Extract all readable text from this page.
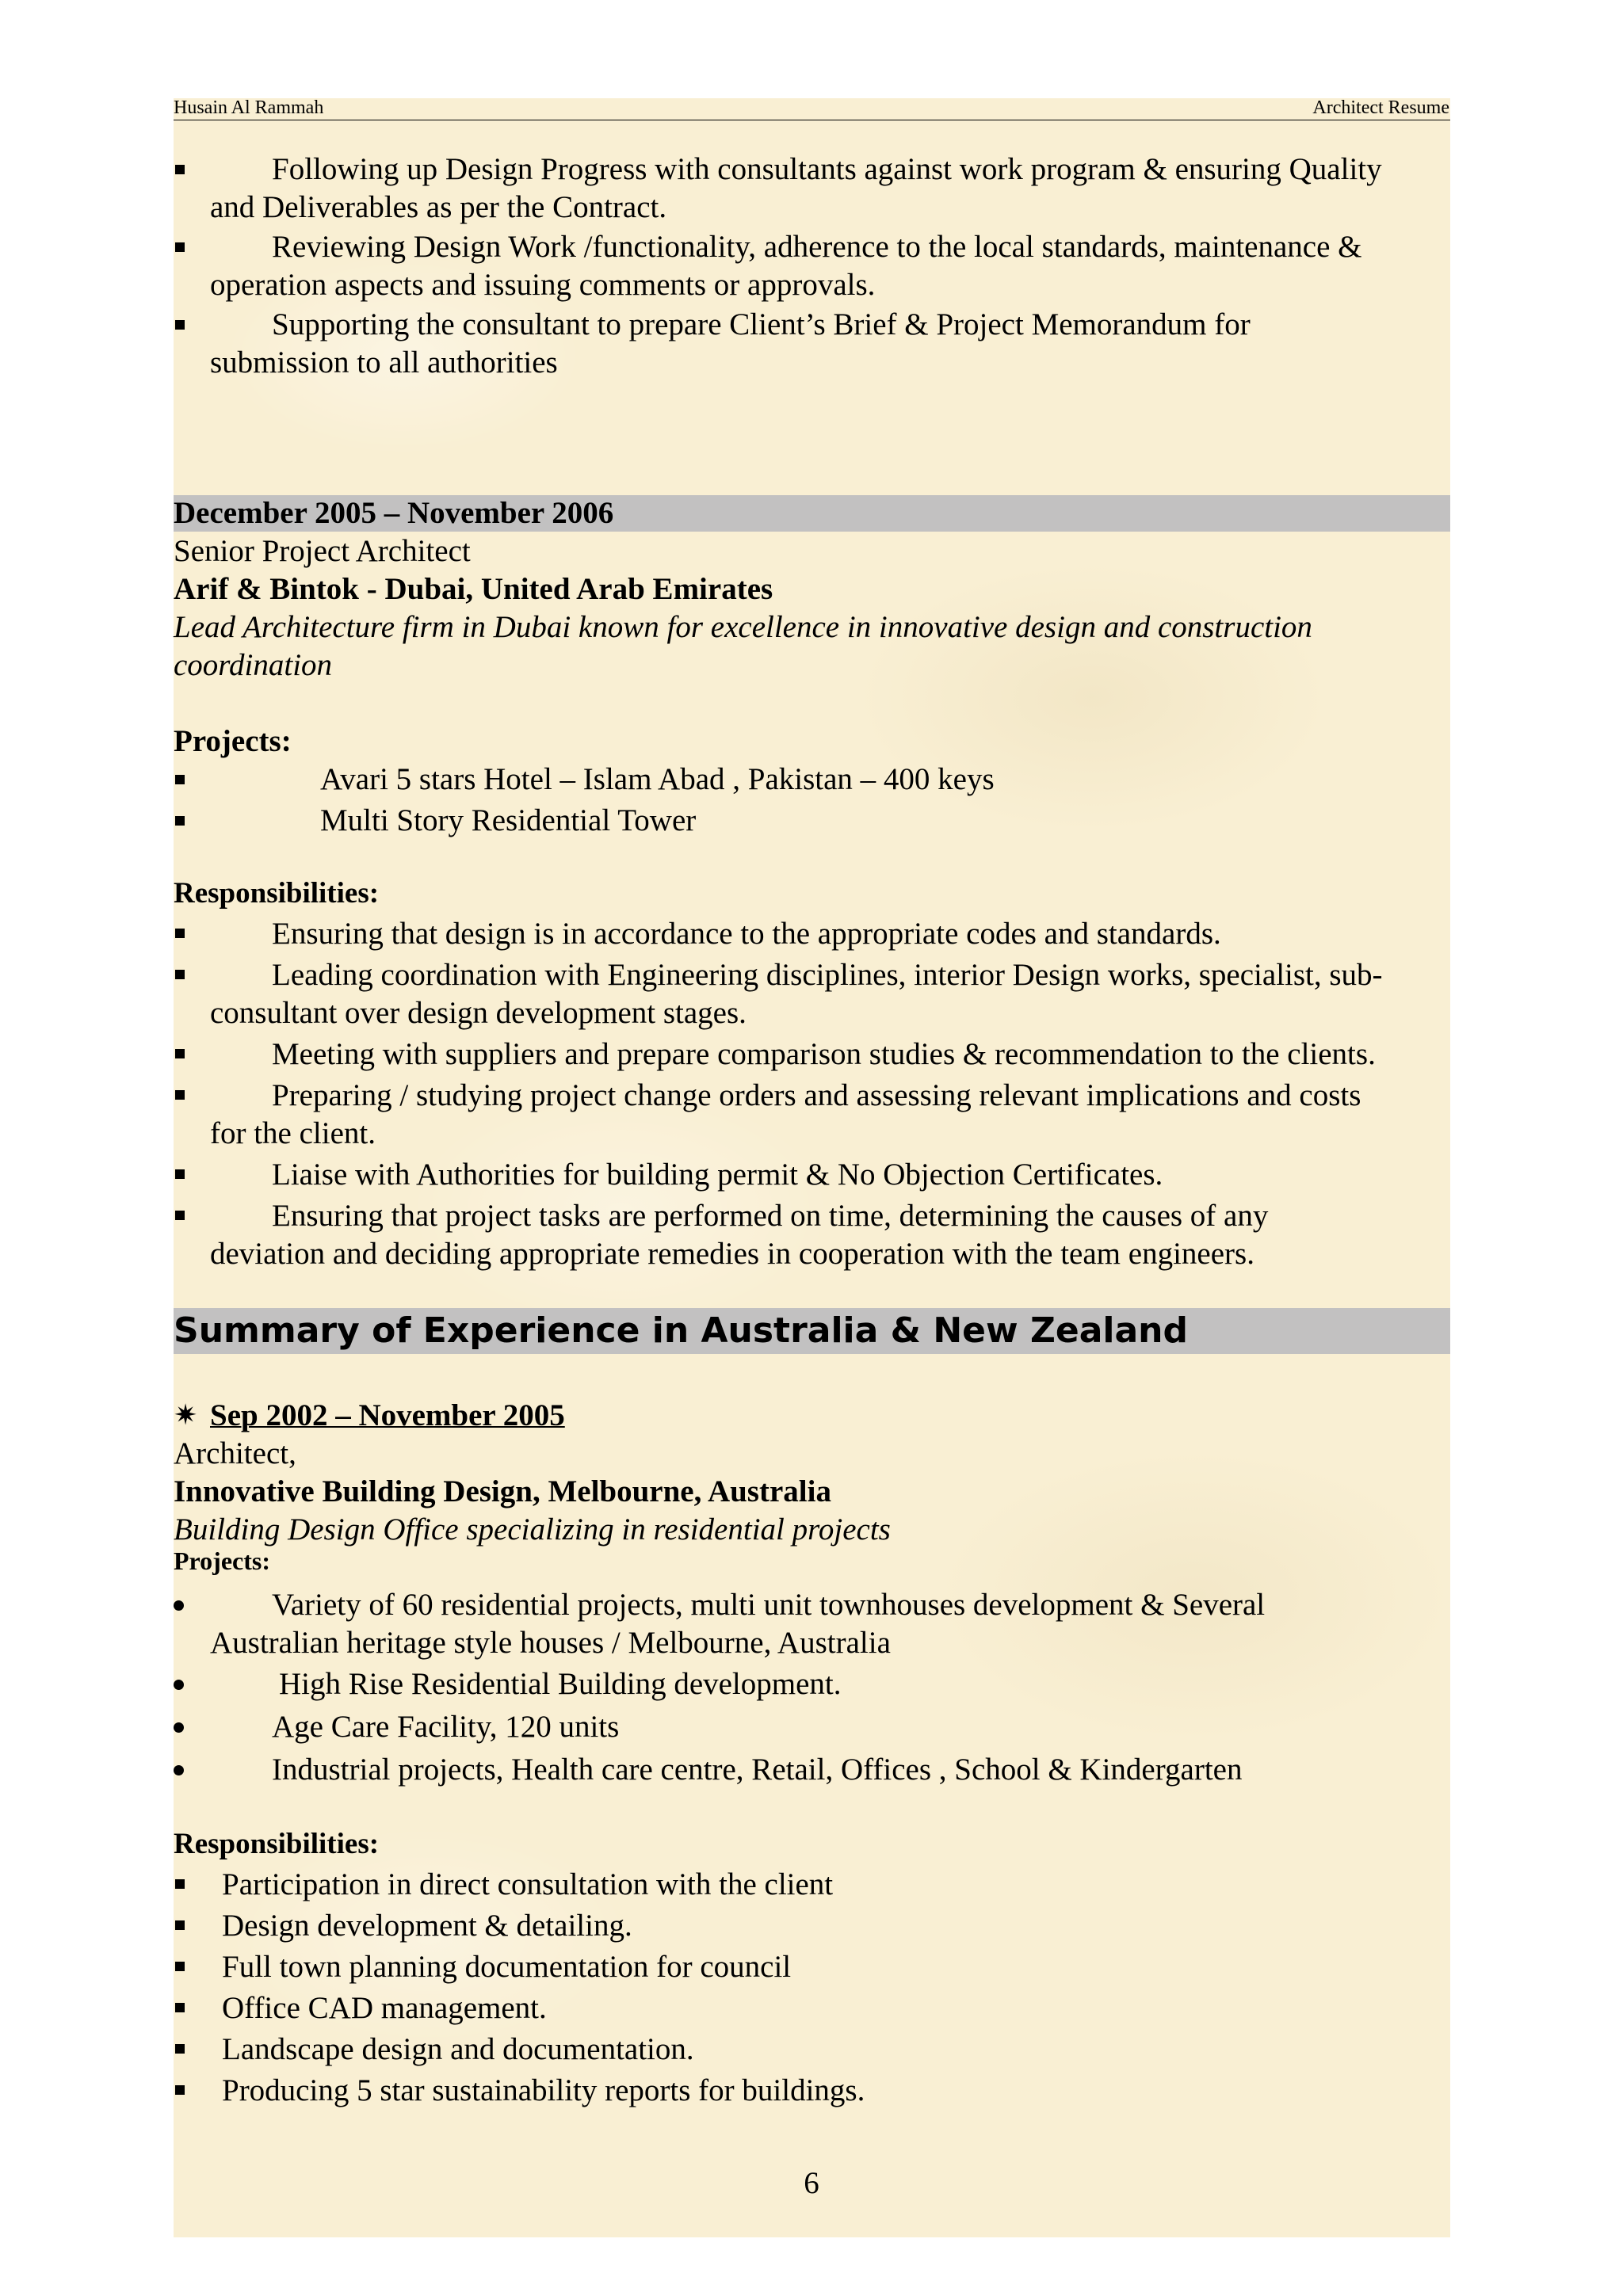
Husain Al Rammah	Architect Resume
Following up Design Progress with consultants against work program & ensuring Quality
and Deliverables as per the Contract.
Reviewing Design Work /functionality, adherence to the local standards, maintenance &
operation aspects and issuing comments or approvals.
Supporting the consultant to prepare Client’s Brief & Project Memorandum for
submission to all authorities
December 2005 – November 2006
Senior Project Architect
Arif & Bintok - Dubai, United Arab Emirates
Lead Architecture firm in Dubai known for excellence in innovative design and construction
coordination
Projects:
Avari 5 stars Hotel – Islam Abad , Pakistan – 400 keys
Multi Story Residential Tower
Responsibilities:
Ensuring that design is in accordance to the appropriate codes and standards.
Leading coordination with Engineering disciplines, interior Design works, specialist, sub-
consultant over design development stages.
Meeting with suppliers and prepare comparison studies & recommendation to the clients.
Preparing / studying project change orders and assessing relevant implications and costs
for the client.
Liaise with Authorities for building permit & No Objection Certificates.
Ensuring that project tasks are performed on time, determining the causes of any
deviation and deciding appropriate remedies in cooperation with the team engineers.
Summary of Experience in Australia & New Zealand
✷ Sep 2002 – November 2005
Architect,
Innovative Building Design, Melbourne, Australia
Building Design Office specializing in residential projects
Projects:
Variety of 60 residential projects, multi unit townhouses development & Several
Australian heritage style houses / Melbourne, Australia
High Rise Residential Building development.
Age Care Facility, 120 units
Industrial projects, Health care centre, Retail, Offices , School & Kindergarten
Responsibilities:
Participation in direct consultation with the client
Design development & detailing.
Full town planning documentation for council
Office CAD management.
Landscape design and documentation.
Producing 5 star sustainability reports for buildings.
6
